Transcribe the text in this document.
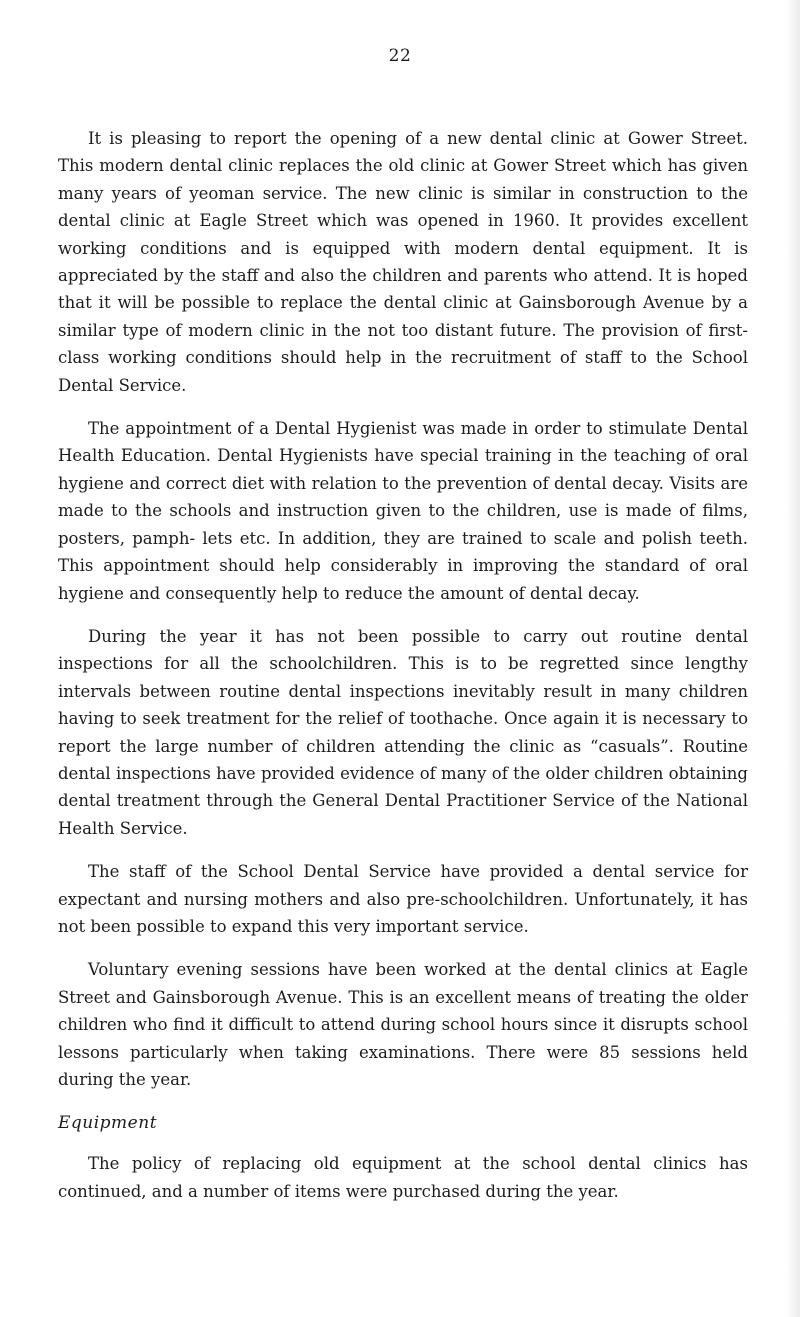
22

It is pleasing to report the opening of a new dental clinic at Gower Street. This modern dental clinic replaces the old clinic at Gower Street which has given many years of yeoman service. The new clinic is similar in construction to the dental clinic at Eagle Street which was opened in 1960. It provides excellent working conditions and is equipped with modern dental equipment. It is appreciated by the staff and also the children and parents who attend. It is hoped that it will be possible to replace the dental clinic at Gainsborough Avenue by a similar type of modern clinic in the not too distant future. The provision of first-class working conditions should help in the recruitment of staff to the School Dental Service.

The appointment of a Dental Hygienist was made in order to stimulate Dental Health Education. Dental Hygienists have special training in the teaching of oral hygiene and correct diet with relation to the prevention of dental decay. Visits are made to the schools and instruction given to the children, use is made of films, posters, pamph- lets etc. In addition, they are trained to scale and polish teeth. This appointment should help considerably in improving the standard of oral hygiene and consequently help to reduce the amount of dental decay.

During the year it has not been possible to carry out routine dental inspections for all the schoolchildren. This is to be regretted since lengthy intervals between routine dental inspections inevitably result in many children having to seek treatment for the relief of toothache. Once again it is necessary to report the large number of children attending the clinic as “casuals”. Routine dental inspections have provided evidence of many of the older children obtaining dental treatment through the General Dental Practitioner Service of the National Health Service.

The staff of the School Dental Service have provided a dental service for expectant and nursing mothers and also pre-schoolchildren. Unfortunately, it has not been possible to expand this very important service.

Voluntary evening sessions have been worked at the dental clinics at Eagle Street and Gainsborough Avenue. This is an excellent means of treating the older children who find it difficult to attend during school hours since it disrupts school lessons particularly when taking examinations. There were 85 sessions held during the year.

Equipment

The policy of replacing old equipment at the school dental clinics has continued, and a number of items were purchased during the year.
